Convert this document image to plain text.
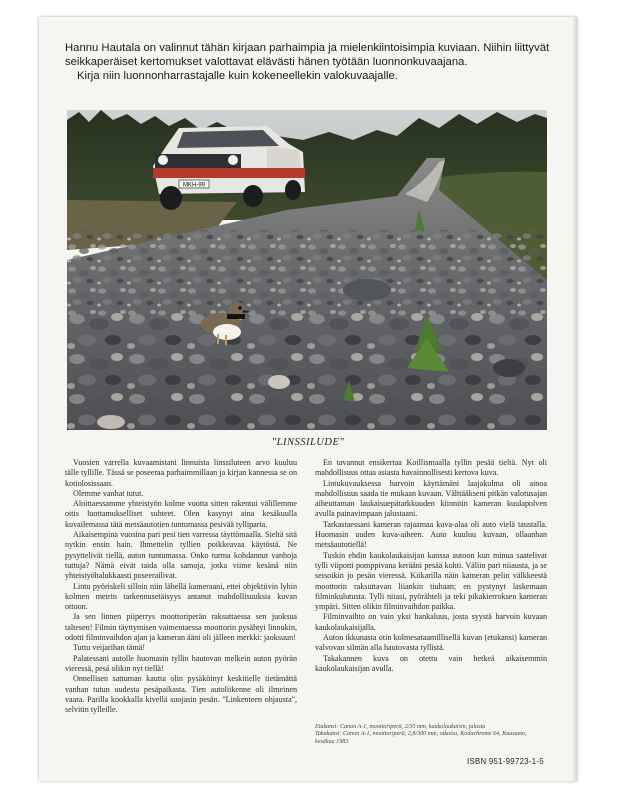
Hannu Hautala on valinnut tähän kirjaan parhaimpia ja mielenkiintoisimpia kuviaan. Niihin liittyvät seikkaperäiset kertomukset valottavat elävästi hänen työtään luonnonkuvaajana.

Kirja niin luonnonharrastajalle kuin kokeneellekin valokuvaajalle.

MKH-99
"LINSSILUDE"

Vuosien varrella kuvaamistani linnuista linssiluteen arvo kuuluu tälle tyllille. Tässä se poseeraa parhaimmillaan ja kirjan kannessa se on kotiolosissaan.

Olemme vanhat tutut.

Aloittaessamme yhteistyön kolme vuotta sitten rakentui välillemme oitis luottamukselliset suhteet. Olen kasynyt aina kesäkuulla kuvailemassa tätä metsäautotien tuntumassa pesivää tylliparia.

Aikaisempina vuosina pari pesi tien varressa täyttömaalla. Sieltä sitä nytkin ensin hain. Ihmettelin tyllien poikkeavaa käytöstä. Ne pysyttelivät tiellä, auton tuntumassa. Onko turma kohdannut vanhoja tuttuja? Nämä eivät taida olla samoja, jotka viime kesänä niin yhteistyöhalukkaasti poseerailivat.

Lintu pyöriskeli silloin niin lähellä kameraani, ettei objektiivin lyhin kolmen metrin tarkennusetäisyys antanut mahdollisuuksia kuvan ottoon.

Ja sen linnen piiperrys moottoriperän raksuttaessa sen juoksua taltesen! Filmin täyttymisen vaimentaessa moottorin pysähtyi linnukin, odotti filminvaihdon ajan ja kameran ääni oli jälleen merkki: jaoksuun!

Tuttu veijarihan tämä!

Palatessani autolle huomasin tyllin hautovan melkein auton pyörän vieressä, pesä olikin nyt tiellä!

Onnellisen sattuman kautta olin pysäköinyt keskitielle tietämättä vanhan tutun uudesta pesäpaikasta. Tien autoliikenne oli ilmeinen vaara. Parilla kookkalla kivellä suojasin pesän. "Linkenteen ohjausta", selvitin tylleille.

En tavannut ensikertaa Koillismaalla tyllin pesää tieltä. Nyt oli mahdollisuus ottaa asiasta havainnollisesti kertova kuva.

Lintukuvauksessa harvoin käyttämäni laajakulma oli ainoa mahdollisuus saada tie mukaan kuvaan. Välttääkseni pitkän valotusajan aiheuttaman laukaisuepätarkkuuden kiinnitin kameran kuulapolven avulla painavimpaan jalustaani.

Tarkastaessani kameran rajaamaa kuva-alaa oli auto vielä taustalla. Huomasin uuden kuva-aiheen. Auto kuuluu kuvaan, ollaanhan metsäautotiellä!

Tuskin ehdin kaukolaukaisijan kanssa autoon kun minua saatelivat tylli viipotti pomppivana kerääni pesää kohti. Väliin pari niiausta, ja se seisoikin jo pesän vieressä. Kiikarilla näin kameran pelin välkkeestä moottorin raksuttavan liiankin tiuhaan; en pystynyt laskemaan filminkulutusta. Tylli niiasi, pyörähteli ja teki pikakierroksen kameran ympäri. Sitten olikin filminvaihdon paikka.

Filminvaihto on vain yksi hankaluus, josta syystä harvoin kuvaan kaukolaukaisijalla.

Auton ikkunasta otin kolmesataamillisellä kuvan (etukansi) kameran valvovan silmän alla hautovasta tyllistä.

Takakannen kuva on otettu vain hetkeä aikaisemmin kaukolaukaisijan avulla.

Etukansi: Canon A-1, moottoriperä, 2/35 mm, kaukolaukaisin, jalusta

Takakansi: Canon A-1, moottoriperä, 2,8/300 mm, oikaisu, Kodachrome 64, Kuusamo, kesäkuu 1983

ISBN 951-99723-1-5
